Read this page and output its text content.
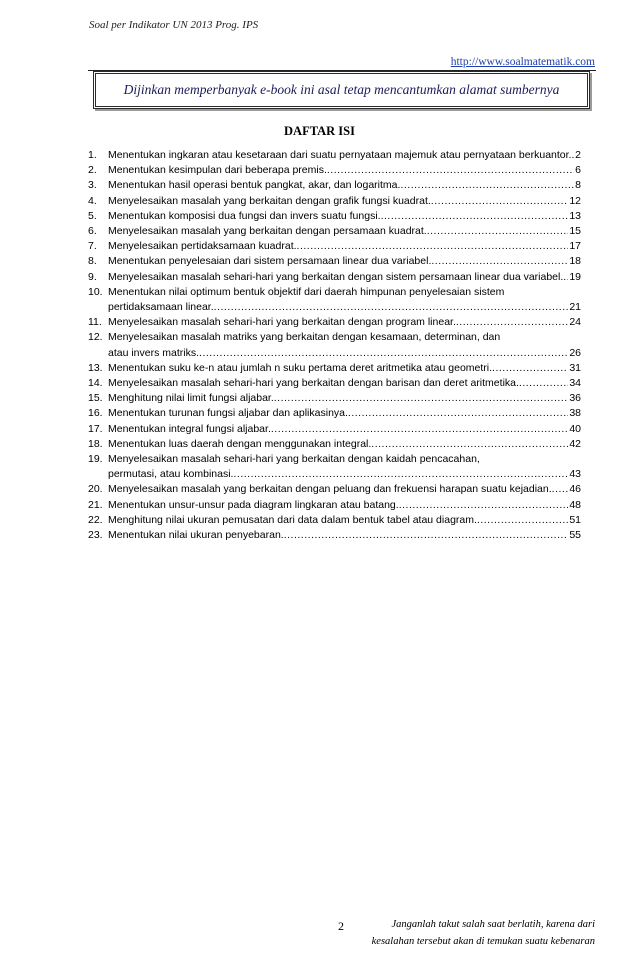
Soal per Indikator UN 2013 Prog. IPS
http://www.soalmatematik.com
Dijinkan memperbanyak e-book ini asal tetap mencantumkan alamat sumbernya
DAFTAR ISI
1.	Menentukan ingkaran atau kesetaraan dari suatu pernyataan majemuk atau pernyataan berkuantor. ..... 2
2.	Menentukan kesimpulan dari beberapa premis. .....	6
3.	Menentukan hasil operasi bentuk pangkat, akar, dan logaritma. .....	8
4.	Menyelesaikan masalah yang berkaitan dengan grafik fungsi kuadrat. .....	12
5.	Menentukan komposisi dua fungsi dan invers suatu fungsi. .....	13
6.	Menyelesaikan masalah yang berkaitan dengan persamaan kuadrat. .....	15
7.	Menyelesaikan pertidaksamaan kuadrat. .....	17
8.	Menentukan penyelesaian dari sistem persamaan linear dua variabel. .....	18
9.	Menyelesaikan masalah sehari-hari yang berkaitan dengan sistem persamaan linear dua variabel. ..... 19
10. Menentukan nilai optimum bentuk objektif dari daerah himpunan penyelesaian sistem
pertidaksamaan linear. .....	21
11. Menyelesaikan masalah sehari-hari yang berkaitan dengan program linear. .....	24
12. Menyelesaikan masalah matriks yang berkaitan dengan kesamaan, determinan, dan
atau invers matriks. .....	26
13. Menentukan suku ke-n atau jumlah n suku pertama deret aritmetika atau geometri. .....	31
14. Menyelesaikan masalah sehari-hari yang berkaitan dengan barisan dan deret aritmetika. .....	34
15. Menghitung nilai limit fungsi aljabar. .....	36
16. Menentukan turunan fungsi aljabar dan aplikasinya. .....	38
17. Menentukan integral fungsi aljabar. .....	40
18. Menentukan luas daerah dengan menggunakan integral. .....	42
19. Menyelesaikan masalah sehari-hari yang berkaitan dengan kaidah pencacahan,
permutasi, atau kombinasi. .....	43
20. Menyelesaikan masalah yang berkaitan dengan peluang dan frekuensi harapan suatu kejadian. ..... 46
21. Menentukan unsur-unsur pada diagram lingkaran atau batang. .....	48
22. Menghitung nilai ukuran pemusatan dari data dalam bentuk tabel atau diagram. .....	51
23. Menentukan nilai ukuran penyebaran. .....	55
2	Janganlah takut salah saat berlatih, karena dari
kesalahan tersebut akan di temukan suatu kebenaran
